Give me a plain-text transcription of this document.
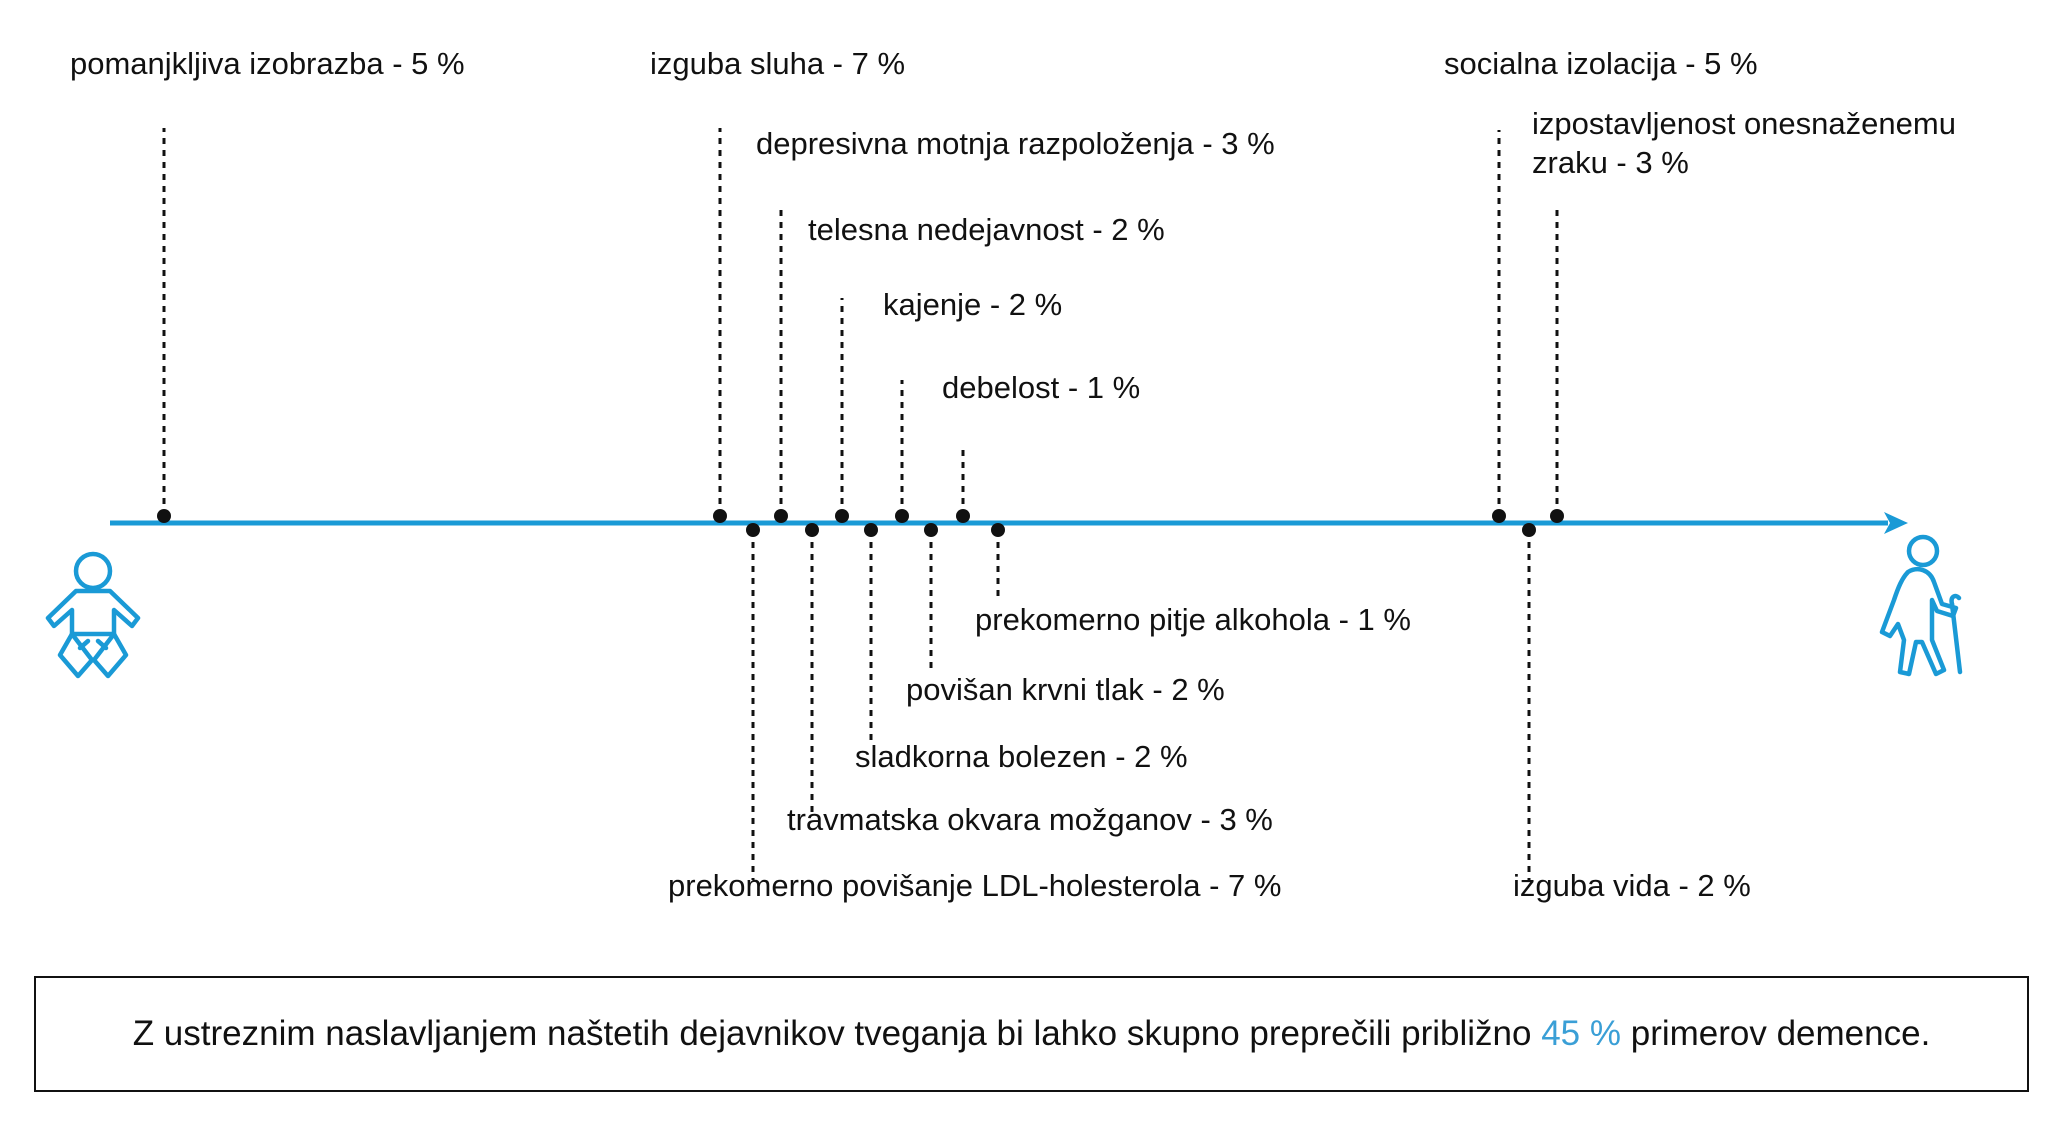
pomanjkljiva izobrazba - 5 %	izguba sluha - 7 %
depresivna motnja razpoloženja - 3 %
telesna nedejavnost - 2 %
kajenje - 2 %
debelost - 1 %
socialna izolacija - 5 %
izpostavljenost onesnaženemu zraku - 3 %
prekomerno povišanje LDL-holesterola - 7 %
travmatska okvara možganov - 3 %
sladkorna bolezen - 2 %
povišan krvni tlak - 2 %
prekomerno pitje alkohola - 1 %
izguba vida - 2 %
Z ustreznim naslavljanjem naštetih dejavnikov tveganja bi lahko skupno preprečili približno 45 % primerov demence.
